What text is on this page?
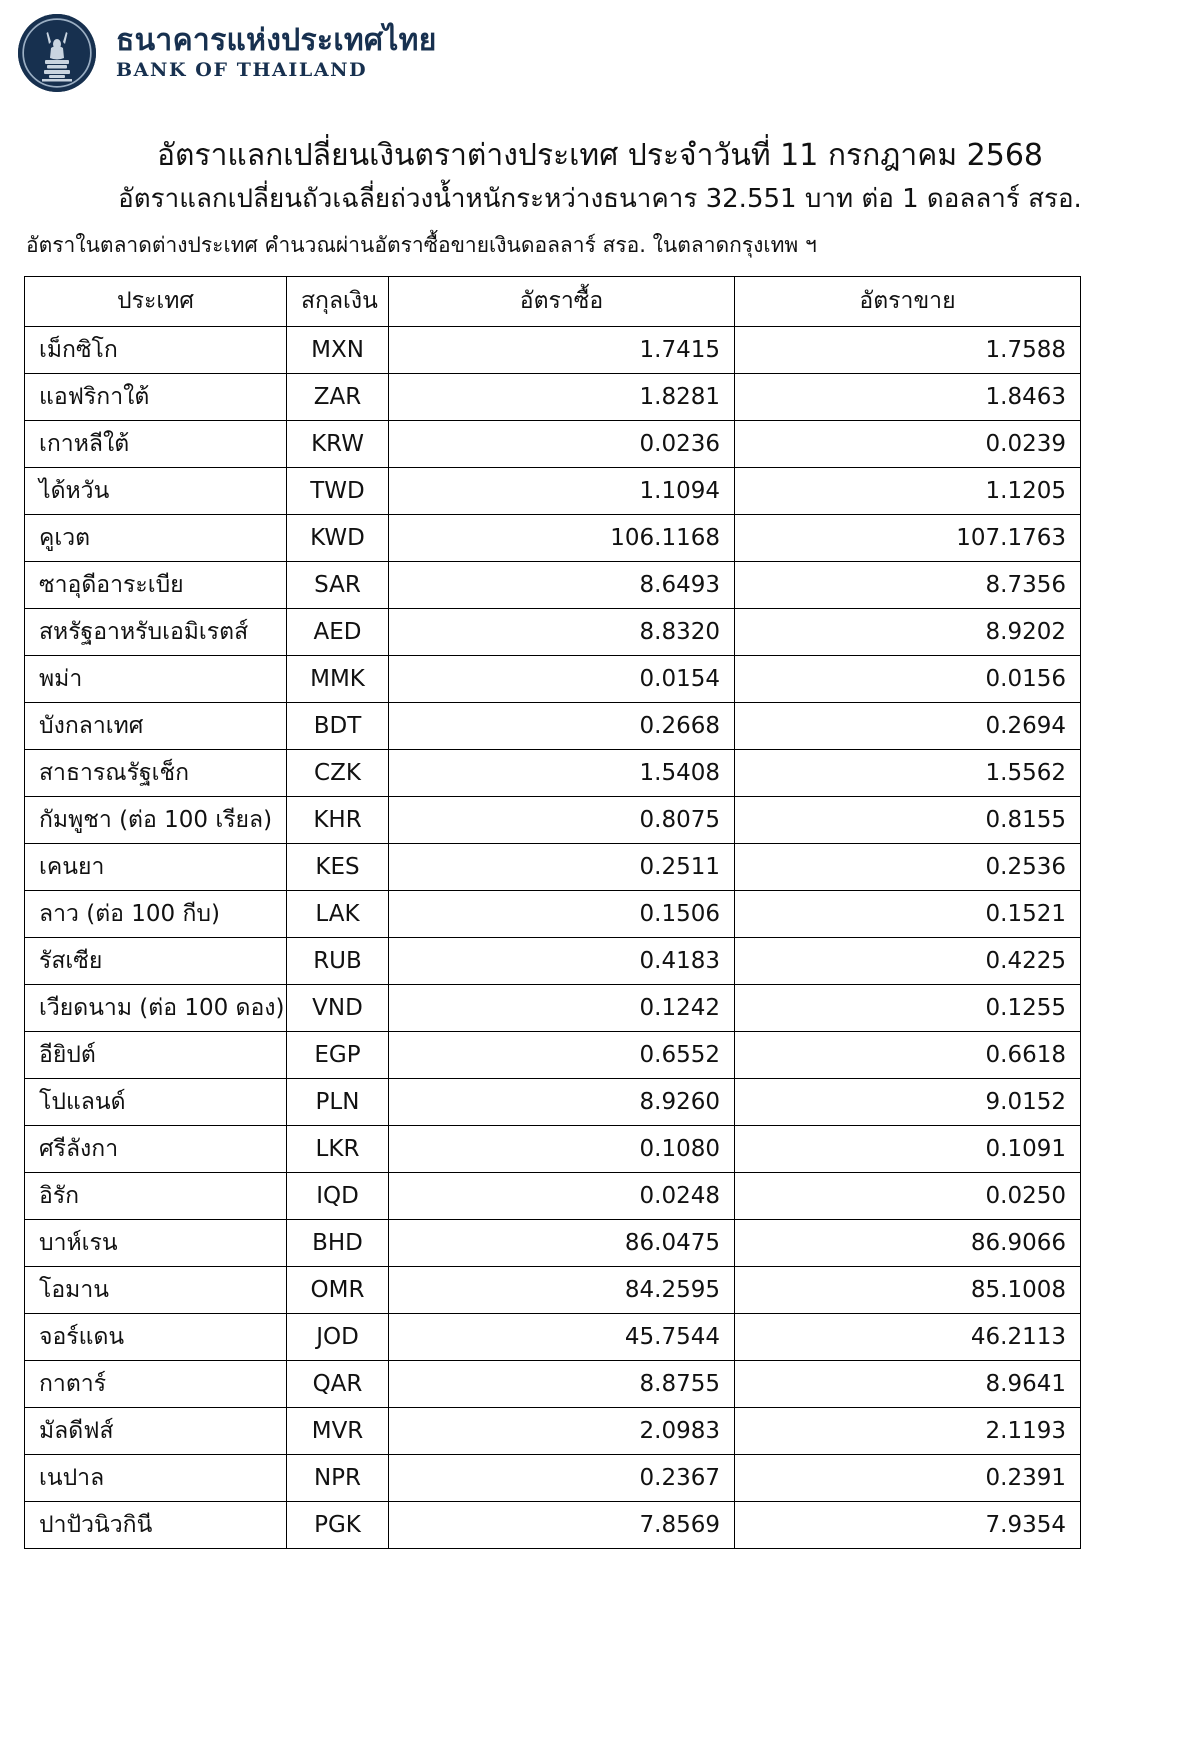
ธนาคารแห่งประเทศไทย
BANK OF THAILAND
อัตราแลกเปลี่ยนเงินตราต่างประเทศ ประจำวันที่ 11 กรกฎาคม 2568
อัตราแลกเปลี่ยนถัวเฉลี่ยถ่วงน้ำหนักระหว่างธนาคาร 32.551 บาท ต่อ 1 ดอลลาร์ สรอ.
อัตราในตลาดต่างประเทศ คำนวณผ่านอัตราซื้อขายเงินดอลลาร์ สรอ. ในตลาดกรุงเทพ ฯ
ประเทศ	สกุลเงิน	อัตราซื้อ	อัตราขาย
เม็กซิโก	MXN	1.7415	1.7588
แอฟริกาใต้	ZAR	1.8281	1.8463
เกาหลีใต้	KRW	0.0236	0.0239
ได้หวัน	TWD	1.1094	1.1205
คูเวต	KWD	106.1168	107.1763
ซาอุดีอาระเบีย	SAR	8.6493	8.7356
สหรัฐอาหรับเอมิเรตส์	AED	8.8320	8.9202
พม่า	MMK	0.0154	0.0156
บังกลาเทศ	BDT	0.2668	0.2694
สาธารณรัฐเช็ก	CZK	1.5408	1.5562
กัมพูชา (ต่อ 100 เรียล)	KHR	0.8075	0.8155
เคนยา	KES	0.2511	0.2536
ลาว (ต่อ 100 กีบ)	LAK	0.1506	0.1521
รัสเซีย	RUB	0.4183	0.4225
เวียดนาม (ต่อ 100 ดอง)	VND	0.1242	0.1255
อียิปต์	EGP	0.6552	0.6618
โปแลนด์	PLN	8.9260	9.0152
ศรีลังกา	LKR	0.1080	0.1091
อิรัก	IQD	0.0248	0.0250
บาห์เรน	BHD	86.0475	86.9066
โอมาน	OMR	84.2595	85.1008
จอร์แดน	JOD	45.7544	46.2113
กาตาร์	QAR	8.8755	8.9641
มัลดีฟส์	MVR	2.0983	2.1193
เนปาล	NPR	0.2367	0.2391
ปาปัวนิวกินี	PGK	7.8569	7.9354
